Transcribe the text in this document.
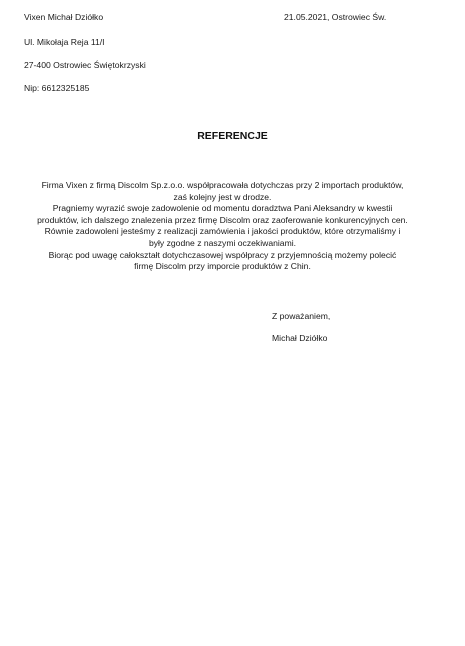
Vixen Michał Dziółko	21.05.2021, Ostrowiec Św.
Ul. Mikołaja Reja 11/I
27-400 Ostrowiec Świętokrzyski
Nip: 6612325185
REFERENCJE
Firma Vixen z firmą Discolm Sp.z.o.o. współpracowała dotychczas przy 2 importach produktów,
zaś kolejny jest w drodze.
Pragniemy wyrazić swoje zadowolenie od momentu doradztwa Pani Aleksandry w kwestii
produktów, ich dalszego znalezenia przez firmę Discolm oraz zaoferowanie konkurencyjnych cen.
Równie zadowoleni jesteśmy z realizacji zamówienia i jakości produktów, które otrzymaliśmy i
były zgodne z naszymi oczekiwaniami.
Biorąc pod uwagę całokształt dotychczasowej współpracy z przyjemnością możemy polecić
firmę Discolm przy imporcie produktów z Chin.
Z poważaniem,
Michał Dziółko
